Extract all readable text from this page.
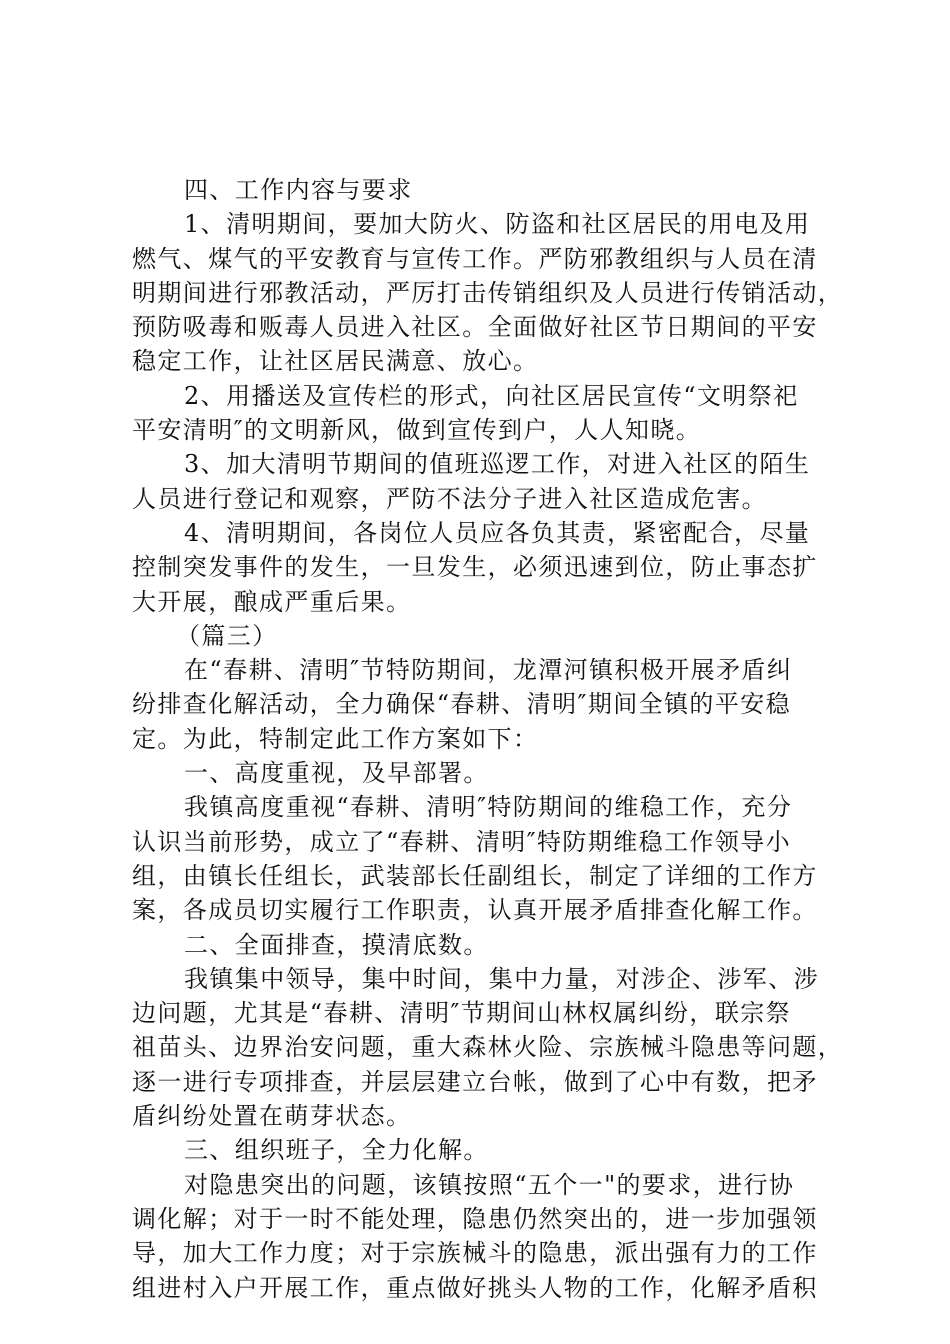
四、工作内容与要求
1、清明期间，要加大防火、防盗和社区居民的用电及用
燃气、煤气的平安教育与宣传工作。严防邪教组织与人员在清
明期间进行邪教活动，严厉打击传销组织及人员进行传销活动，
预防吸毒和贩毒人员进入社区。全面做好社区节日期间的平安
稳定工作，让社区居民满意、放心。
2、用播送及宣传栏的形式，向社区居民宣传“文明祭祀
平安清明″的文明新风，做到宣传到户，人人知晓。
3、加大清明节期间的值班巡逻工作，对进入社区的陌生
人员进行登记和观察，严防不法分子进入社区造成危害。
4、清明期间，各岗位人员应各负其责，紧密配合，尽量
控制突发事件的发生，一旦发生，必须迅速到位，防止事态扩
大开展，酿成严重后果。
（篇三）
在“春耕、清明″节特防期间，龙潭河镇积极开展矛盾纠
纷排查化解活动，全力确保“春耕、清明″期间全镇的平安稳
定。为此，特制定此工作方案如下：
一、高度重视，及早部署。
我镇高度重视“春耕、清明″特防期间的维稳工作，充分
认识当前形势，成立了“春耕、清明″特防期维稳工作领导小
组，由镇长任组长，武装部长任副组长，制定了详细的工作方
案，各成员切实履行工作职责，认真开展矛盾排查化解工作。
二、全面排查，摸清底数。
我镇集中领导，集中时间，集中力量，对涉企、涉军、涉
边问题，尤其是“春耕、清明″节期间山林权属纠纷，联宗祭
祖苗头、边界治安问题，重大森林火险、宗族械斗隐患等问题，
逐一进行专项排查，并层层建立台帐，做到了心中有数，把矛
盾纠纷处置在萌芽状态。
三、组织班子，全力化解。
对隐患突出的问题，该镇按照“五个一"的要求，进行协
调化解；对于一时不能处理，隐患仍然突出的，进一步加强领
导，加大工作力度；对于宗族械斗的隐患，派出强有力的工作
组进村入户开展工作，重点做好挑头人物的工作，化解矛盾积
